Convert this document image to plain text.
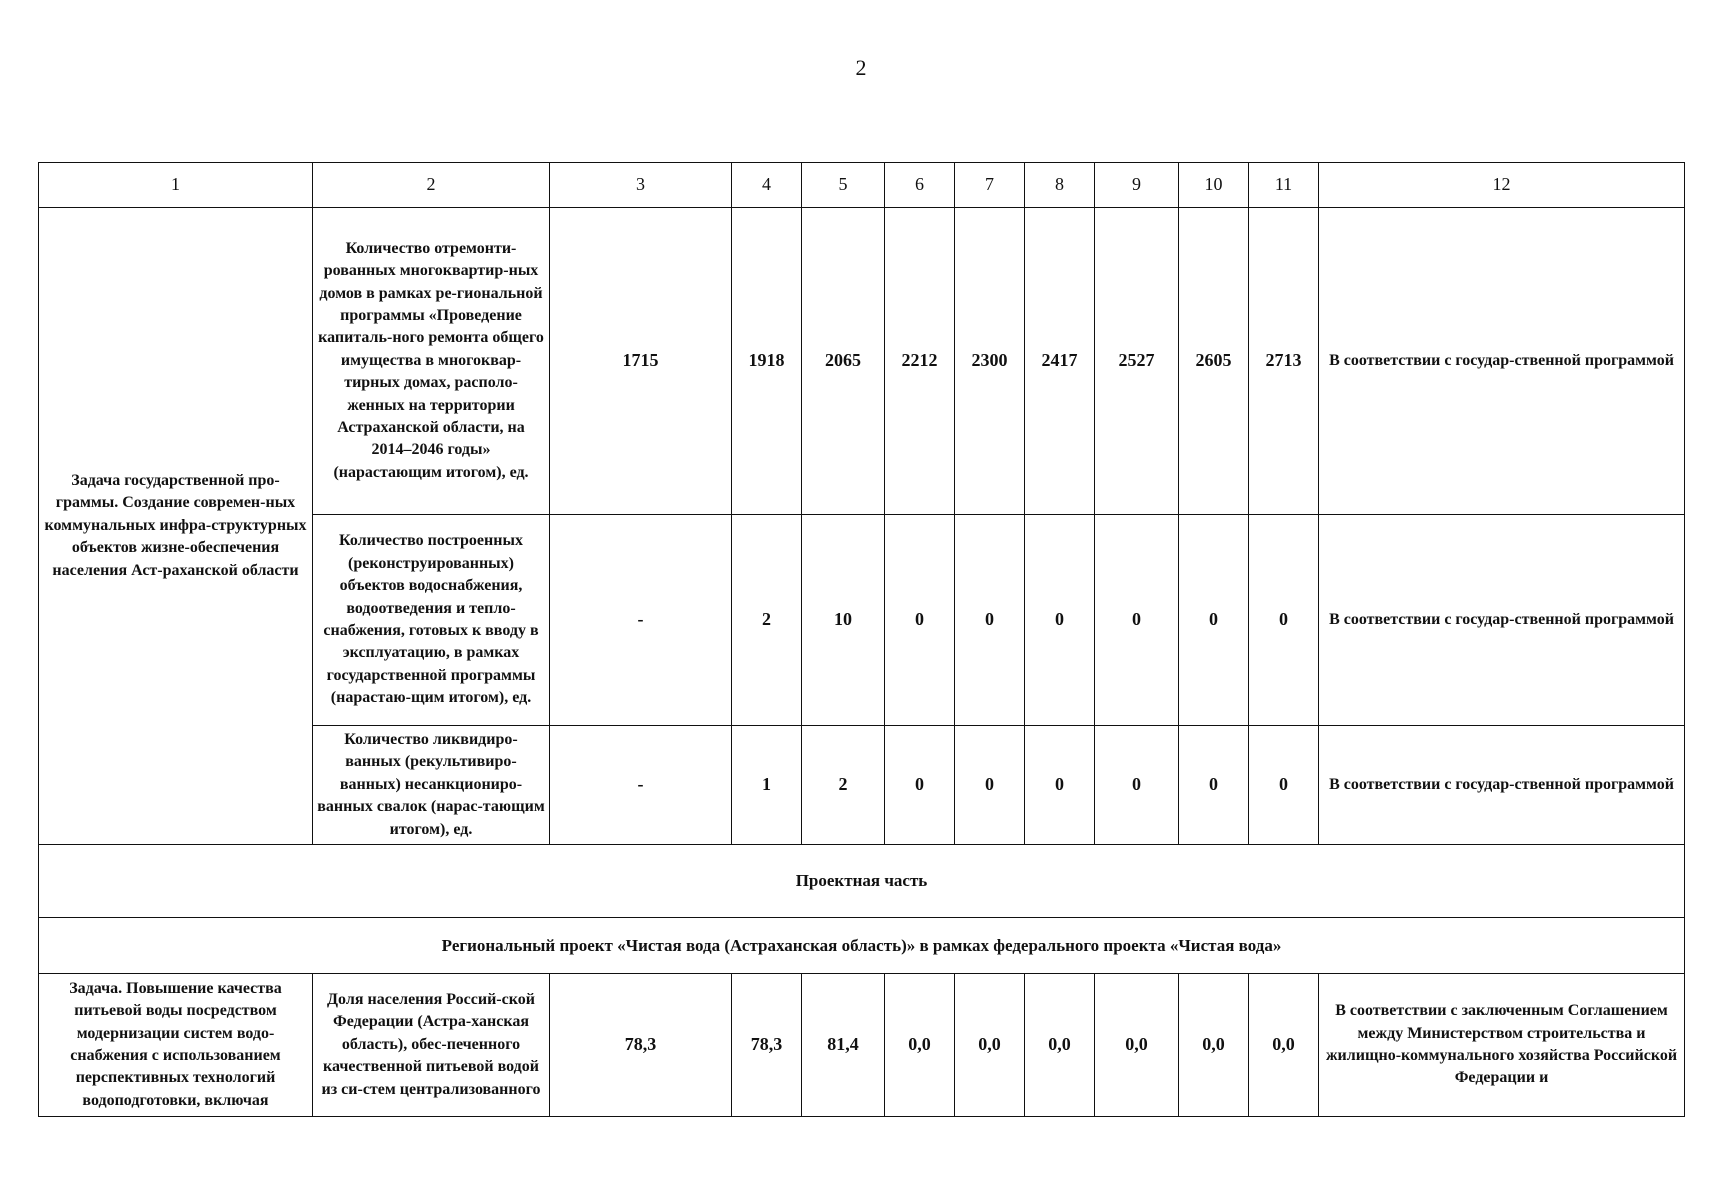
2
1	2	3	4	5	6	7	8	9	10	11	12
Задача государственной про-граммы. Создание современ-ных коммунальных инфра-структурных объектов жизне-обеспечения населения Аст-раханской области	Количество отремонти-рованных многоквартир-ных домов в рамках ре-гиональной программы «Проведение капиталь-ного ремонта общего имущества в многоквар-тирных домах, располо-женных на территории Астраханской области, на 2014–2046 годы» (нарастающим итогом), ед.	1715	1918	2065	2212	2300	2417	2527	2605	2713	В соответствии с государ-ственной программой
	Количество построенных (реконструированных) объектов водоснабжения, водоотведения и тепло-снабжения, готовых к вводу в эксплуатацию, в рамках государственной программы (нарастаю-щим итогом), ед.	-	2	10	0	0	0	0	0	0	В соответствии с государ-ственной программой
	Количество ликвидиро-ванных (рекультивиро-ванных) несанкциониро-ванных свалок (нарас-тающим итогом), ед.	-	1	2	0	0	0	0	0	0	В соответствии с государ-ственной программой
Проектная часть											
Региональный проект «Чистая вода (Астраханская область)» в рамках федерального проекта «Чистая вода»											
Задача. Повышение качества питьевой воды посредством модернизации систем водо-снабжения с использованием перспективных технологий водоподготовки, включая	Доля населения Россий-ской Федерации (Астра-ханская область), обес-печенного качественной питьевой водой из си-стем централизованного	78,3	78,3	81,4	0,0	0,0	0,0	0,0	0,0	0,0	В соответствии с заключенным Соглашением между Министерством строительства и жилищно-коммунального хозяйства Российской Федерации и
